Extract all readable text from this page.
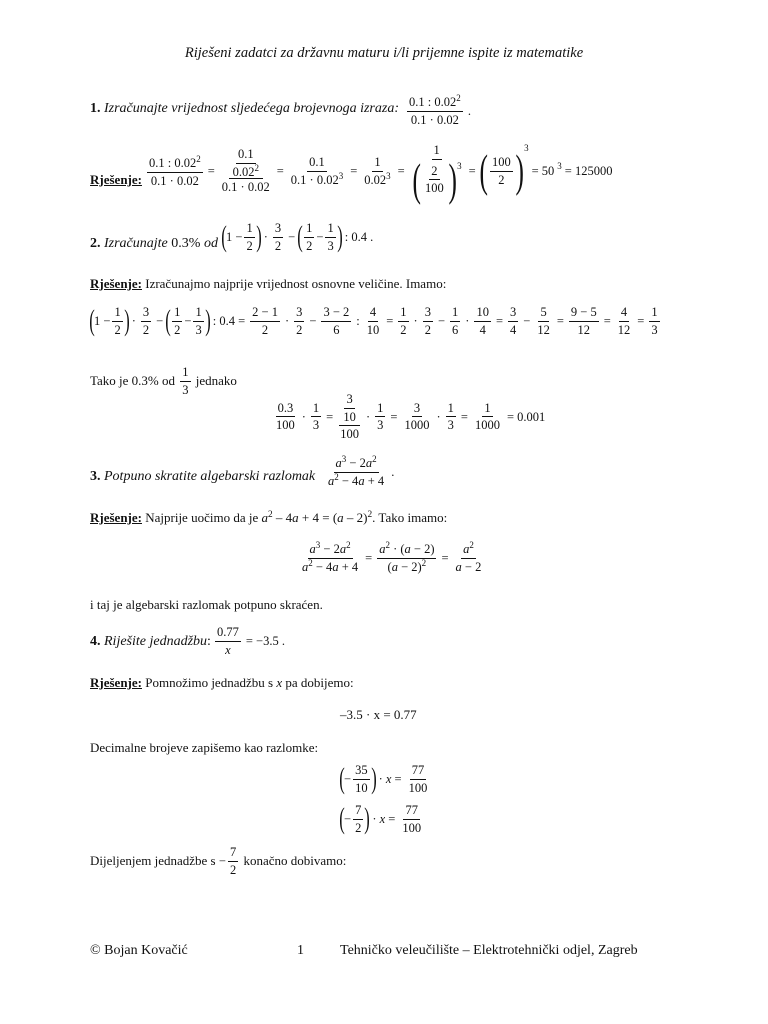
Riješeni zadatci za državnu maturu i/li prijemne ispite iz matematike
1.
Izračunajte vrijednost sljedećega brojevnoga izraza: $\frac{0.1 : 0.02^2}{0.1 \cdot 0.02}$ .
Rješenje: $\frac{0.1 : 0.02^2}{0.1 \cdot 0.02} = \frac{\frac{0.1}{0.02^2}}{0.1 \cdot 0.02} = \frac{0.1}{0.1 \cdot 0.02^3} = \frac{1}{0.02^3} = \frac{1}{( \frac{2}{100} ) 3}$ = ( $\frac{100}{2}$ ) 3
= 50 3 = 125000
2.
Izračunajte
0.3%
od ( $1 - \frac{1}{2}$ ) · $\frac{3}{2}$ − ( $\frac{1}{2} - \frac{1}{3}$ ) : 0.4 .
Rješenje:
Izračunajmo najprije vrijednost osnovne veličine. Imamo:
( $1 - \frac{1}{2}$ ) · $\frac{3}{2}$ − ( $\frac{1}{2} - \frac{1}{3}$ ) : $0.4 = \frac{2 - 1}{2} \cdot \frac{3}{2} - \frac{3 - 2}{6}$ : $\frac{4}{10} = \frac{1}{2} \cdot \frac{3}{2} - \frac{1}{6} \cdot \frac{10}{4} = \frac{3}{4} - \frac{5}{12} = \frac{9 - 5}{12} = \frac{4}{12} = \frac{1}{3}$
Tako je 0.3% od
$\frac{1}{3}$
jednako
$\frac{0.3}{100} \cdot \frac{1}{3} = \frac{\frac{3}{10}}{100} \cdot \frac{1}{3} = \frac{3}{1000} \cdot \frac{1}{3} = \frac{1}{1000} = 0.001$
3.
Potpuno skratite algebarski razlomak $\frac{a^3 - 2a^2}{a^2 - 4a + 4}$ .
Rješenje:
Najprije uočimo da je
$a^2 - 4a + 4 = (a - 2)^2$ . Tako imamo:
$\frac{a^3 - 2a^2}{a^2 - 4a + 4} = \frac{a^2 \cdot (a - 2)}{(a - 2)^2} = \frac{a^2}{a - 2}$
i taj je algebarski razlomak potpuno skraćen.
4.
Riješite jednadžbu : $\frac{0.77}{x} = -3.5$ .
Rješenje:
Pomnožimo jednadžbu s
x
pa dobijemo:
–3.5 · x = 0.77
Decimalne brojeve zapišemo kao razlomke:
( − $\frac{35}{10}$ ) · $x = \frac{77}{100}$
( − $\frac{7}{2}$ ) · $x = \frac{77}{100}$
Dijeljenjem jednadžbe s
− $\frac{7}{2}$
konačno dobivamo:
© Bojan Kovačić	1	Tehničko veleučilište – Elektrotehnički odjel, Zagreb
